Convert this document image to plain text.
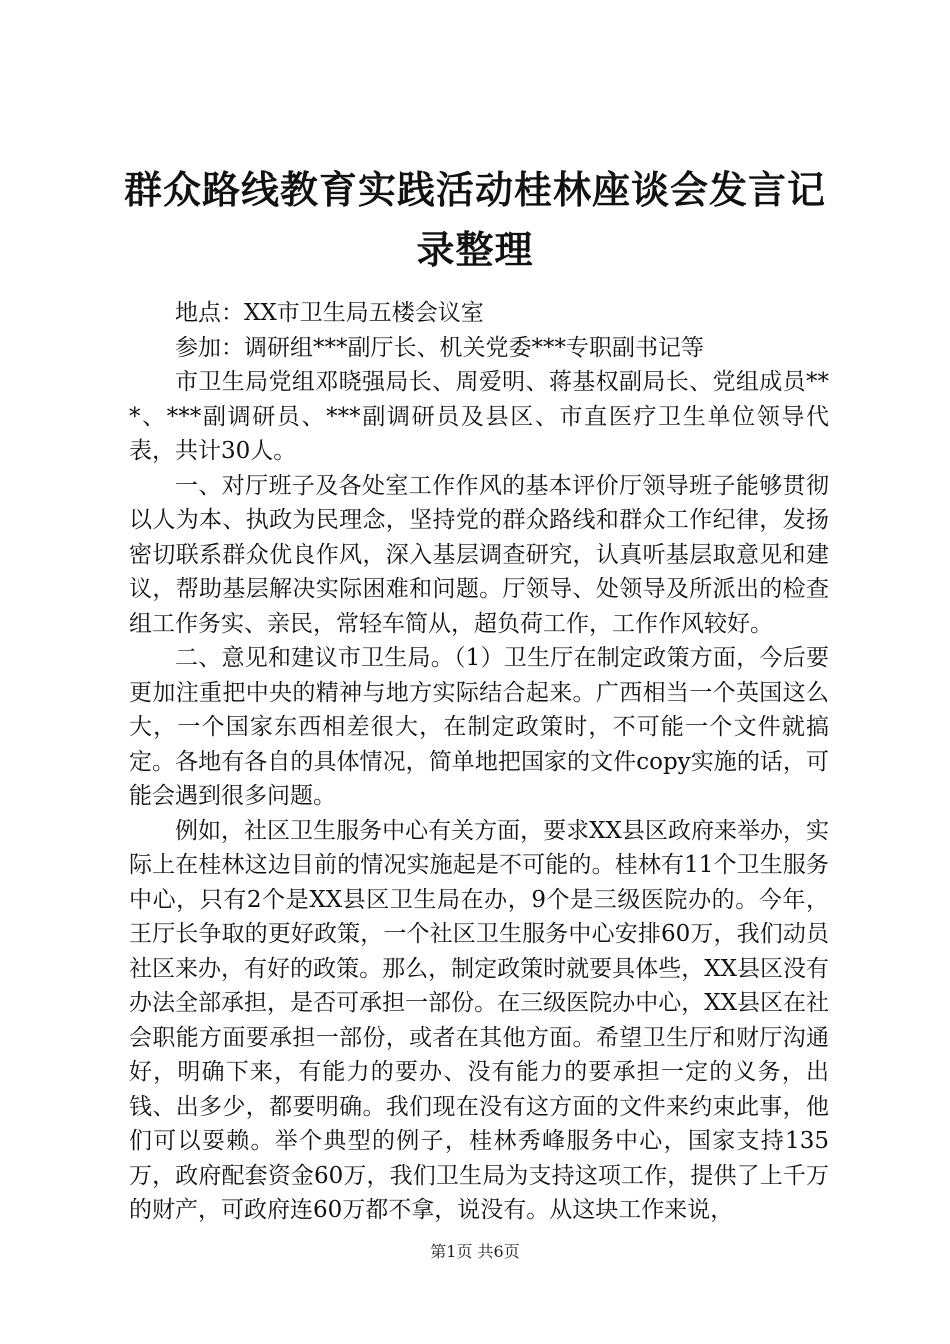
群众路线教育实践活动桂林座谈会发言记录整理

地点：XX市卫生局五楼会议室

参加：调研组***副厅长、机关党委***专职副书记等

市卫生局党组邓晓强局长、周爱明、蒋基权副局长、党组成员***、***副调研员、***副调研员及县区、市直医疗卫生单位领导代表，共计30人。

一、对厅班子及各处室工作作风的基本评价厅领导班子能够贯彻以人为本、执政为民理念，坚持党的群众路线和群众工作纪律，发扬密切联系群众优良作风，深入基层调查研究，认真听基层取意见和建议，帮助基层解决实际困难和问题。厅领导、处领导及所派出的检查组工作务实、亲民，常轻车简从，超负荷工作，工作作风较好。

二、意见和建议市卫生局。（1）卫生厅在制定政策方面，今后要更加注重把中央的精神与地方实际结合起来。广西相当一个英国这么大，一个国家东西相差很大，在制定政策时，不可能一个文件就搞定。各地有各自的具体情况，简单地把国家的文件copy实施的话，可能会遇到很多问题。

例如，社区卫生服务中心有关方面，要求XX县区政府来举办，实际上在桂林这边目前的情况实施起是不可能的。桂林有11个卫生服务中心，只有2个是XX县区卫生局在办，9个是三级医院办的。今年，王厅长争取的更好政策，一个社区卫生服务中心安排60万，我们动员社区来办，有好的政策。那么，制定政策时就要具体些，XX县区没有办法全部承担，是否可承担一部份。在三级医院办中心，XX县区在社会职能方面要承担一部份，或者在其他方面。希望卫生厅和财厅沟通好，明确下来，有能力的要办、没有能力的要承担一定的义务，出钱、出多少，都要明确。我们现在没有这方面的文件来约束此事，他们可以耍赖。举个典型的例子，桂林秀峰服务中心，国家支持135万，政府配套资金60万，我们卫生局为支持这项工作，提供了上千万的财产，可政府连60万都不拿，说没有。从这块工作来说，

第1页 共6页
